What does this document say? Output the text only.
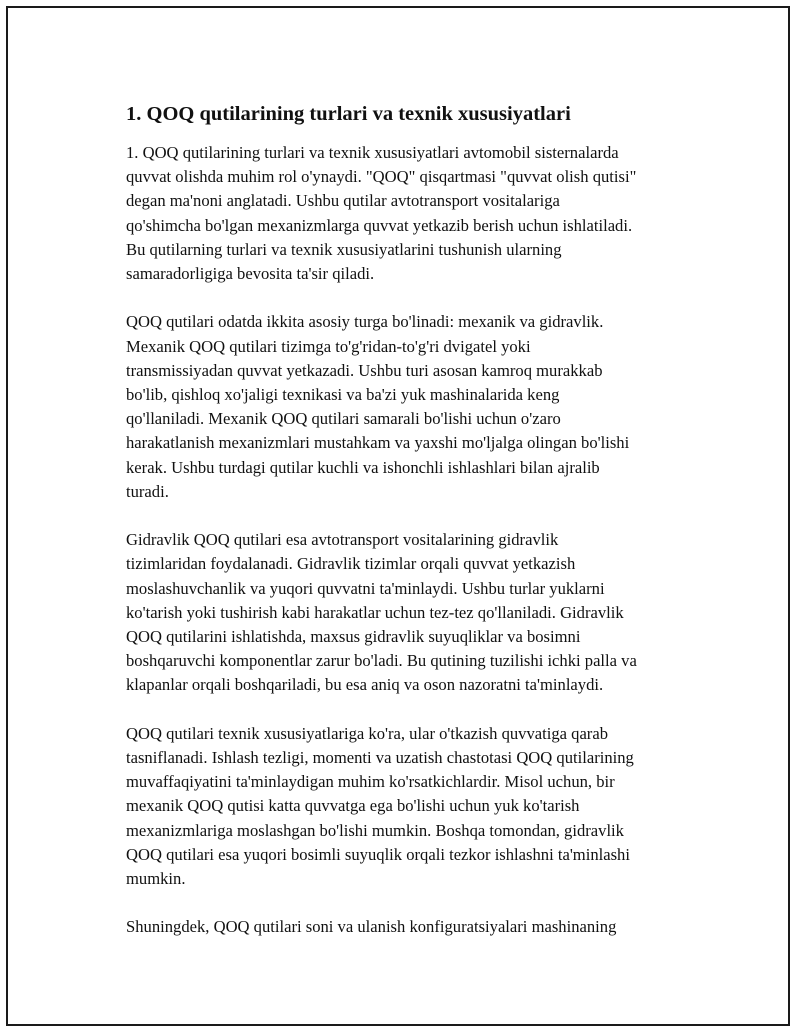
1. QOQ qutilarining turlari va texnik xususiyatlari
1. QOQ qutilarining turlari va texnik xususiyatlari avtomobil sisternalarda
quvvat olishda muhim rol o'ynaydi. "QOQ" qisqartmasi "quvvat olish qutisi"
degan ma'noni anglatadi. Ushbu qutilar avtotransport vositalariga
qo'shimcha bo'lgan mexanizmlarga quvvat yetkazib berish uchun ishlatiladi.
Bu qutilarning turlari va texnik xususiyatlarini tushunish ularning
samaradorligiga bevosita ta'sir qiladi.
QOQ qutilari odatda ikkita asosiy turga bo'linadi: mexanik va gidravlik.
Mexanik QOQ qutilari tizimga to'g'ridan-to'g'ri dvigatel yoki
transmissiyadan quvvat yetkazadi. Ushbu turi asosan kamroq murakkab
bo'lib, qishloq xo'jaligi texnikasi va ba'zi yuk mashinalarida keng
qo'llaniladi. Mexanik QOQ qutilari samarali bo'lishi uchun o'zaro
harakatlanish mexanizmlari mustahkam va yaxshi mo'ljalga olingan bo'lishi
kerak. Ushbu turdagi qutilar kuchli va ishonchli ishlashlari bilan ajralib
turadi.
Gidravlik QOQ qutilari esa avtotransport vositalarining gidravlik
tizimlaridan foydalanadi. Gidravlik tizimlar orqali quvvat yetkazish
moslashuvchanlik va yuqori quvvatni ta'minlaydi. Ushbu turlar yuklarni
ko'tarish yoki tushirish kabi harakatlar uchun tez-tez qo'llaniladi. Gidravlik
QOQ qutilarini ishlatishda, maxsus gidravlik suyuqliklar va bosimni
boshqaruvchi komponentlar zarur bo'ladi. Bu qutining tuzilishi ichki palla va
klapanlar orqali boshqariladi, bu esa aniq va oson nazoratni ta'minlaydi.
QOQ qutilari texnik xususiyatlariga ko'ra, ular o'tkazish quvvatiga qarab
tasniflanadi. Ishlash tezligi, momenti va uzatish chastotasi QOQ qutilarining
muvaffaqiyatini ta'minlaydigan muhim ko'rsatkichlardir. Misol uchun, bir
mexanik QOQ qutisi katta quvvatga ega bo'lishi uchun yuk ko'tarish
mexanizmlariga moslashgan bo'lishi mumkin. Boshqa tomondan, gidravlik
QOQ qutilari esa yuqori bosimli suyuqlik orqali tezkor ishlashni ta'minlashi
mumkin.
Shuningdek, QOQ qutilari soni va ulanish konfiguratsiyalari mashinaning
